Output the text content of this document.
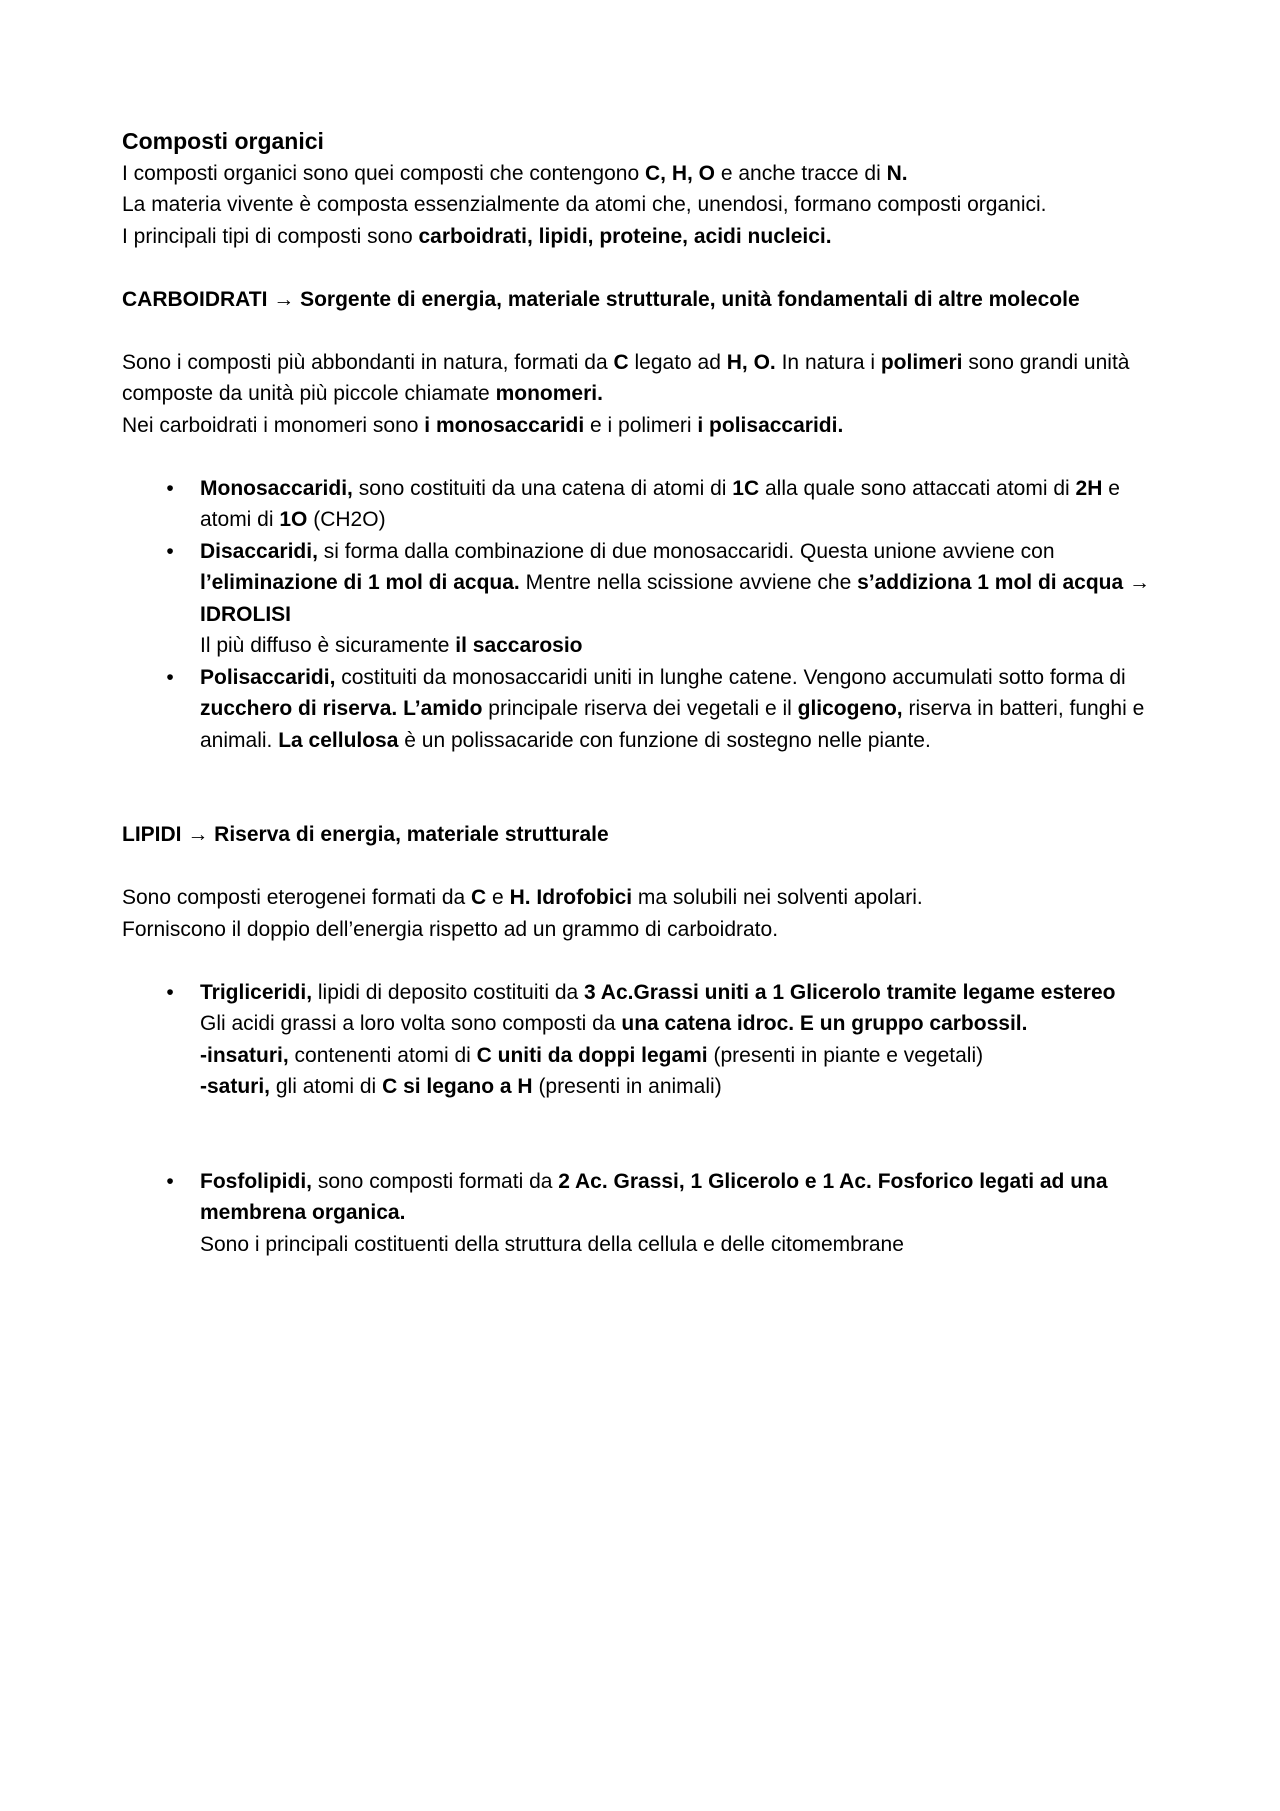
Composti organici

I composti organici sono quei composti che contengono C, H, O e anche tracce di N.

La materia vivente è composta essenzialmente da atomi che, unendosi, formano composti organici.

I principali tipi di composti sono carboidrati, lipidi, proteine, acidi nucleici.

CARBOIDRATI → Sorgente di energia, materiale strutturale, unità fondamentali di altre molecole

Sono i composti più abbondanti in natura, formati da C legato ad H, O. In natura i polimeri sono grandi unità composte da unità più piccole chiamate monomeri.

Nei carboidrati i monomeri sono i monosaccaridi e i polimeri i polisaccaridi.

•	Monosaccaridi, sono costituiti da una catena di atomi di 1C alla quale sono attaccati atomi di 2H e atomi di 1O (CH2O)

•	Disaccaridi, si forma dalla combinazione di due monosaccaridi. Questa unione avviene con l’eliminazione di 1 mol di acqua. Mentre nella scissione avviene che s’addiziona 1 mol di acqua → IDROLISI

Il più diffuso è sicuramente il saccarosio

•	Polisaccaridi, costituiti da monosaccaridi uniti in lunghe catene. Vengono accumulati sotto forma di zucchero di riserva. L’amido principale riserva dei vegetali e il glicogeno, riserva in batteri, funghi e animali. La cellulosa è un polissacaride con funzione di sostegno nelle piante.

LIPIDI → Riserva di energia, materiale strutturale

Sono composti eterogenei formati da C e H. Idrofobici ma solubili nei solventi apolari.

Forniscono il doppio dell’energia rispetto ad un grammo di carboidrato.

•	Trigliceridi, lipidi di deposito costituiti da 3 Ac.Grassi uniti a 1 Glicerolo tramite legame estereo

Gli acidi grassi a loro volta sono composti da una catena idroc. E un gruppo carbossil.

-insaturi, contenenti atomi di C uniti da doppi legami (presenti in piante e vegetali)

-saturi, gli atomi di C si legano a H (presenti in animali)

•	Fosfolipidi, sono composti formati da 2 Ac. Grassi, 1 Glicerolo e 1 Ac. Fosforico legati ad una membrena organica.

Sono i principali costituenti della struttura della cellula e delle citomembrane
